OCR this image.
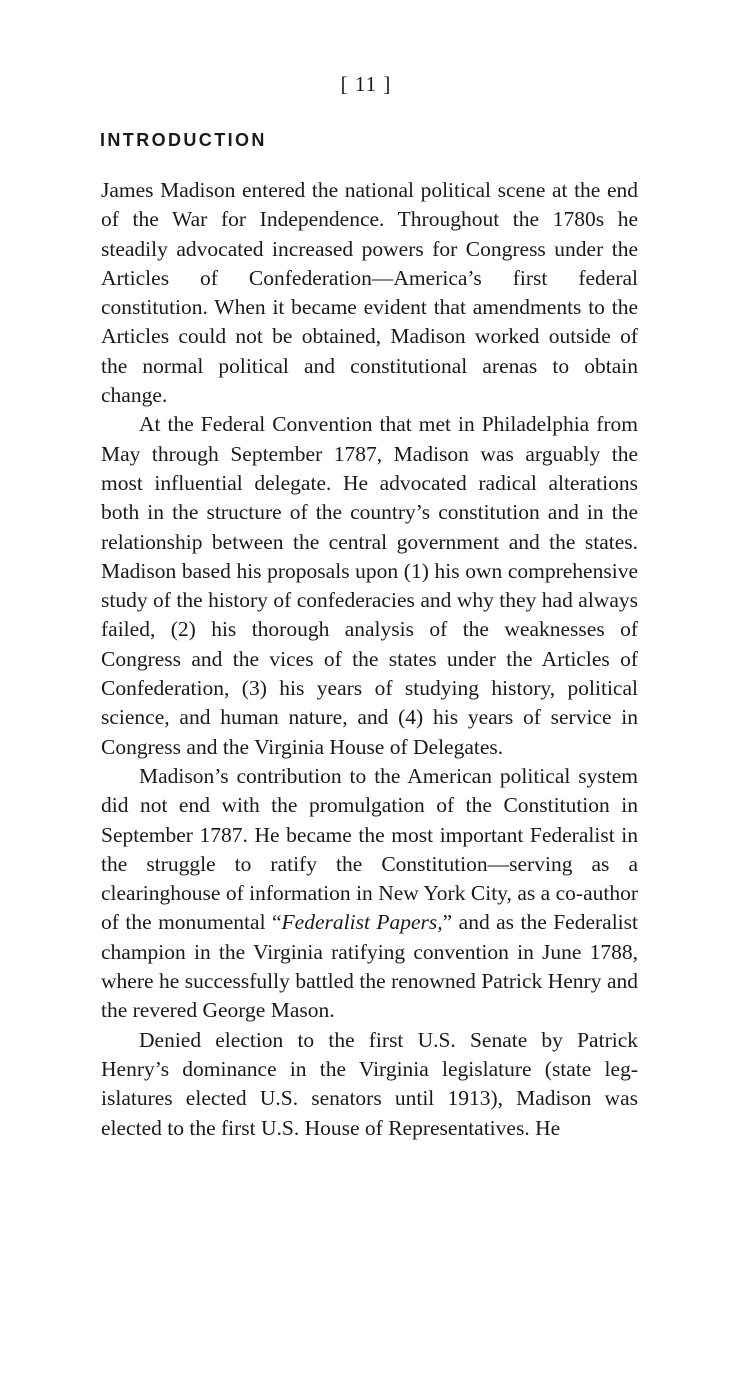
[ 11 ]
INTRODUCTION

James Madison entered the national political scene at the end of the War for Independence. Throughout the 1780s he steadily advocated increased powers for Congress under the Articles of Confederation—America’s first federal constitution. When it became evident that amendments to the Articles could not be obtained, Madison worked outside of the normal political and constitutional arenas to obtain change.

At the Federal Convention that met in Philadelphia from May through September 1787, Madison was arguably the most influential delegate. He advocated radical alterations both in the structure of the country’s constitution and in the relationship between the central government and the states. Madison based his proposals upon (1) his own comprehensive study of the history of confederacies and why they had always failed, (2) his thorough analysis of the weaknesses of Congress and the vices of the states under the Articles of Confederation, (3) his years of studying history, political science, and human nature, and (4) his years of service in Congress and the Virginia House of Delegates.

Madison’s contribution to the American political system did not end with the promulgation of the Constitution in September 1787. He became the most important Federalist in the struggle to ratify the Constitution—serving as a clearinghouse of information in New York City, as a co-author of the monumental “Federalist Papers,” and as the Federalist champion in the Virginia ratifying convention in June 1788, where he successfully battled the renowned Patrick Henry and the revered George Mason.

Denied election to the first U.S. Senate by Patrick Henry’s dominance in the Virginia legislature (state legislatures elected U.S. senators until 1913), Madison was elected to the first U.S. House of Representatives. He
